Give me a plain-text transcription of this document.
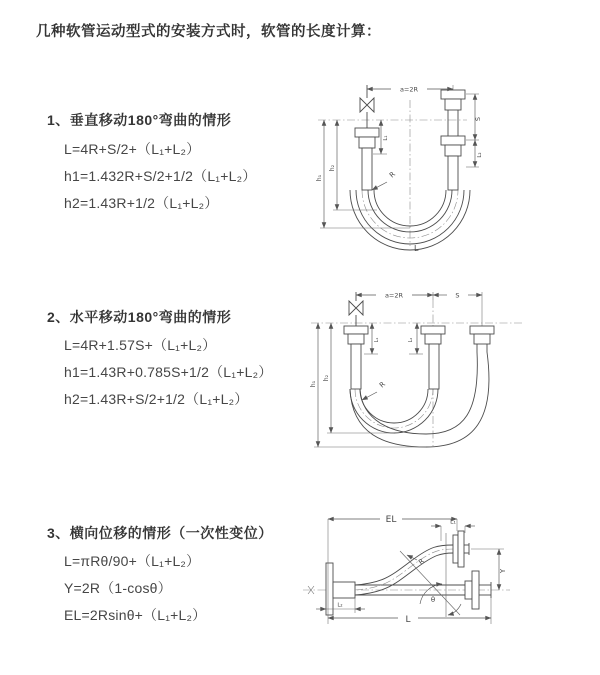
几种软管运动型式的安装方式时，软管的长度计算：
1、垂直移动180°弯曲的情形
L=4R+S/2+（L₁+L₂）
h1=1.432R+S/2+1/2（L₁+L₂）
h2=1.43R+1/2（L₁+L₂）
2、水平移动180°弯曲的情形
L=4R+1.57S+（L₁+L₂）
h1=1.43R+0.785S+1/2（L₁+L₂）
h2=1.43R+S/2+1/2（L₁+L₂）
3、横向位移的情形（一次性变位）
L=πRθ/90+（L₁+L₂）
Y=2R（1-cosθ）
EL=2Rsinθ+（L₁+L₂）
a=2R
S
L₂
h₁
h₂
L₁
R
L
a=2R	S
h₁
h₂
L₁	L₂
R
θ
EL	L₁
Y
L
L₂
R
